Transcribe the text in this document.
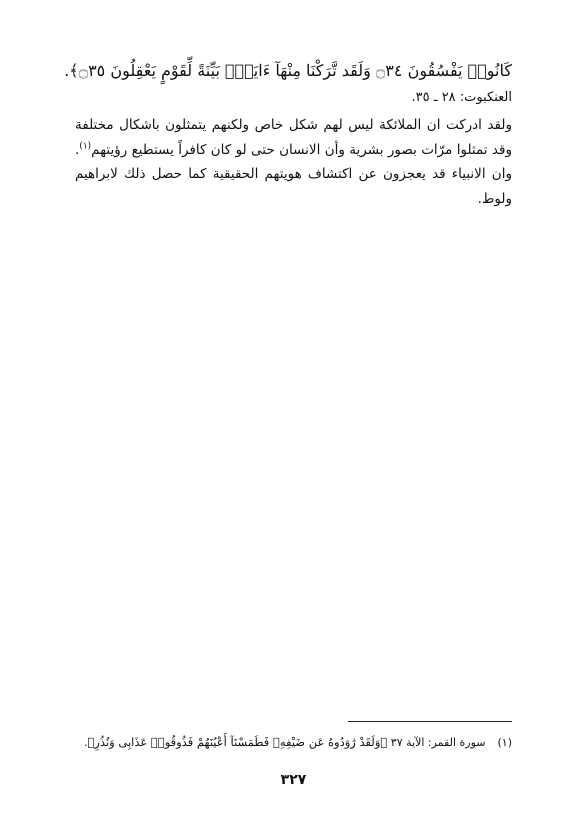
كَانُوا۟ يَفْسُقُونَ ۝٣٤ وَلَقَد تَّرَكْنَا مِنْهَآ ءَايَةًۢ بَيِّنَةً لِّقَوْمٍ يَعْقِلُونَ ۝٣٥﴾.
العنكبوت: ٢٨ ـ ٣٥.
ولقد ادركت ان الملائكة ليس لهم شكل خاص ولكنهم يتمثلون باشكال مختلفة وقد تمثلوا مرّات بصور بشرية وأن الانسان حتى لو كان كافراً يستطيع رؤيتهم$^{(١)}$. وان الانبياء قد يعجزون عن اكتشاف هويتهم الحقيقية كما حصل ذلك لابراهيم ولوط.
(١)سورة القمر: الآية ٣٧ ﴿وَلَقَدْ رَٰوَدُوهُ عَن ضَيْفِهِۦ فَطَمَسْنَآ أَعْيُنَهُمْ فَذُوقُوا۟ عَذَابِى وَنُذُرِ﴾.
٣٢٧
